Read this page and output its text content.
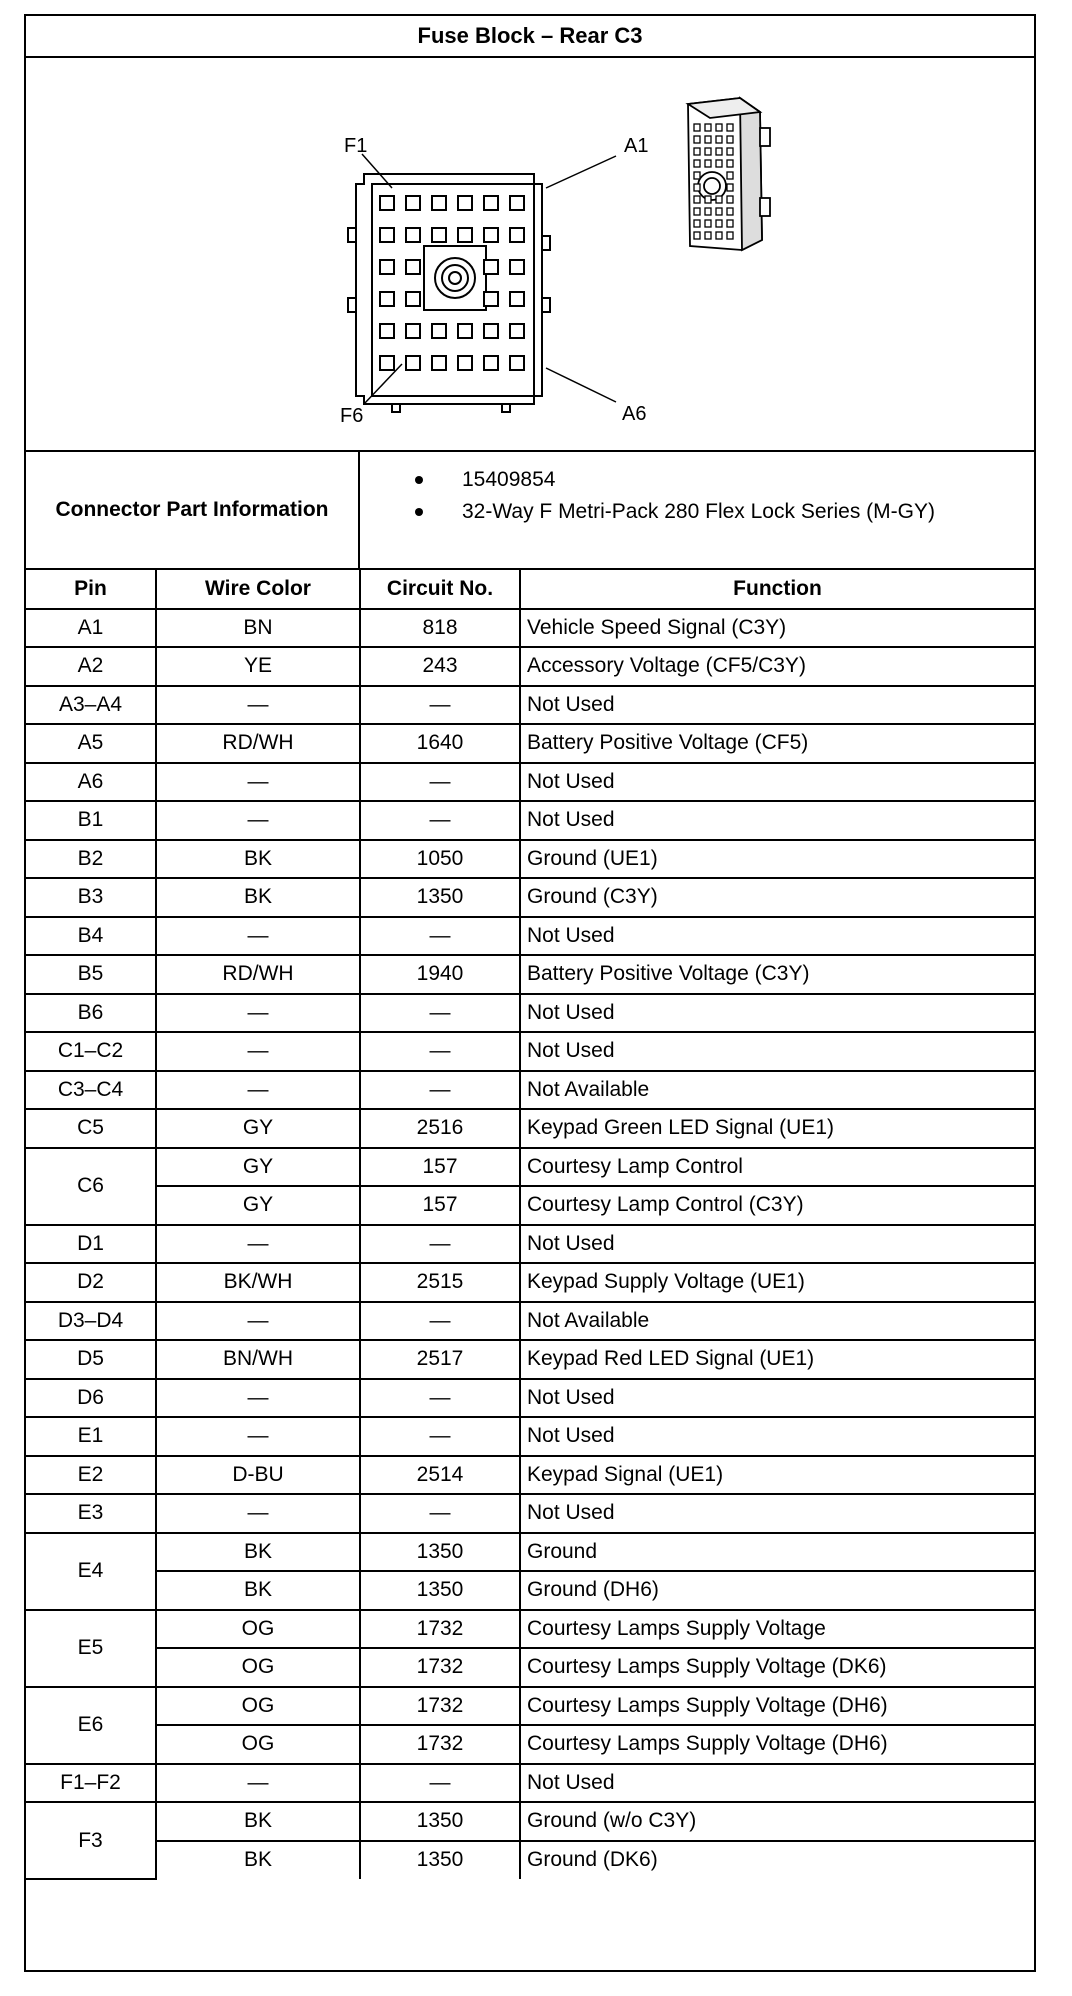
Fuse Block – Rear C3
F1	A1
F6	A6
Connector Part Information
15409854
32-Way F Metri-Pack 280 Flex Lock Series (M-GY)
Pin	Wire Color	Circuit No.	Function
A1	BN	818	Vehicle Speed Signal (C3Y)
A2	YE	243	Accessory Voltage (CF5/C3Y)
A3–A4	—	—	Not Used
A5	RD/WH	1640	Battery Positive Voltage (CF5)
A6	—	—	Not Used
B1	—	—	Not Used
B2	BK	1050	Ground (UE1)
B3	BK	1350	Ground (C3Y)
B4	—	—	Not Used
B5	RD/WH	1940	Battery Positive Voltage (C3Y)
B6	—	—	Not Used
C1–C2	—	—	Not Used
C3–C4	—	—	Not Available
C5	GY	2516	Keypad Green LED Signal (UE1)
C6	GY	157	Courtesy Lamp Control
	GY	157	Courtesy Lamp Control (C3Y)
D1	—	—	Not Used
D2	BK/WH	2515	Keypad Supply Voltage (UE1)
D3–D4	—	—	Not Available
D5	BN/WH	2517	Keypad Red LED Signal (UE1)
D6	—	—	Not Used
E1	—	—	Not Used
E2	D-BU	2514	Keypad Signal (UE1)
E3	—	—	Not Used
E4	BK	1350	Ground
	BK	1350	Ground (DH6)
E5	OG	1732	Courtesy Lamps Supply Voltage
	OG	1732	Courtesy Lamps Supply Voltage (DK6)
E6	OG	1732	Courtesy Lamps Supply Voltage (DH6)
	OG	1732	Courtesy Lamps Supply Voltage (DH6)
F1–F2	—	—	Not Used
F3	BK	1350	Ground (w/o C3Y)
	BK	1350	Ground (DK6)
